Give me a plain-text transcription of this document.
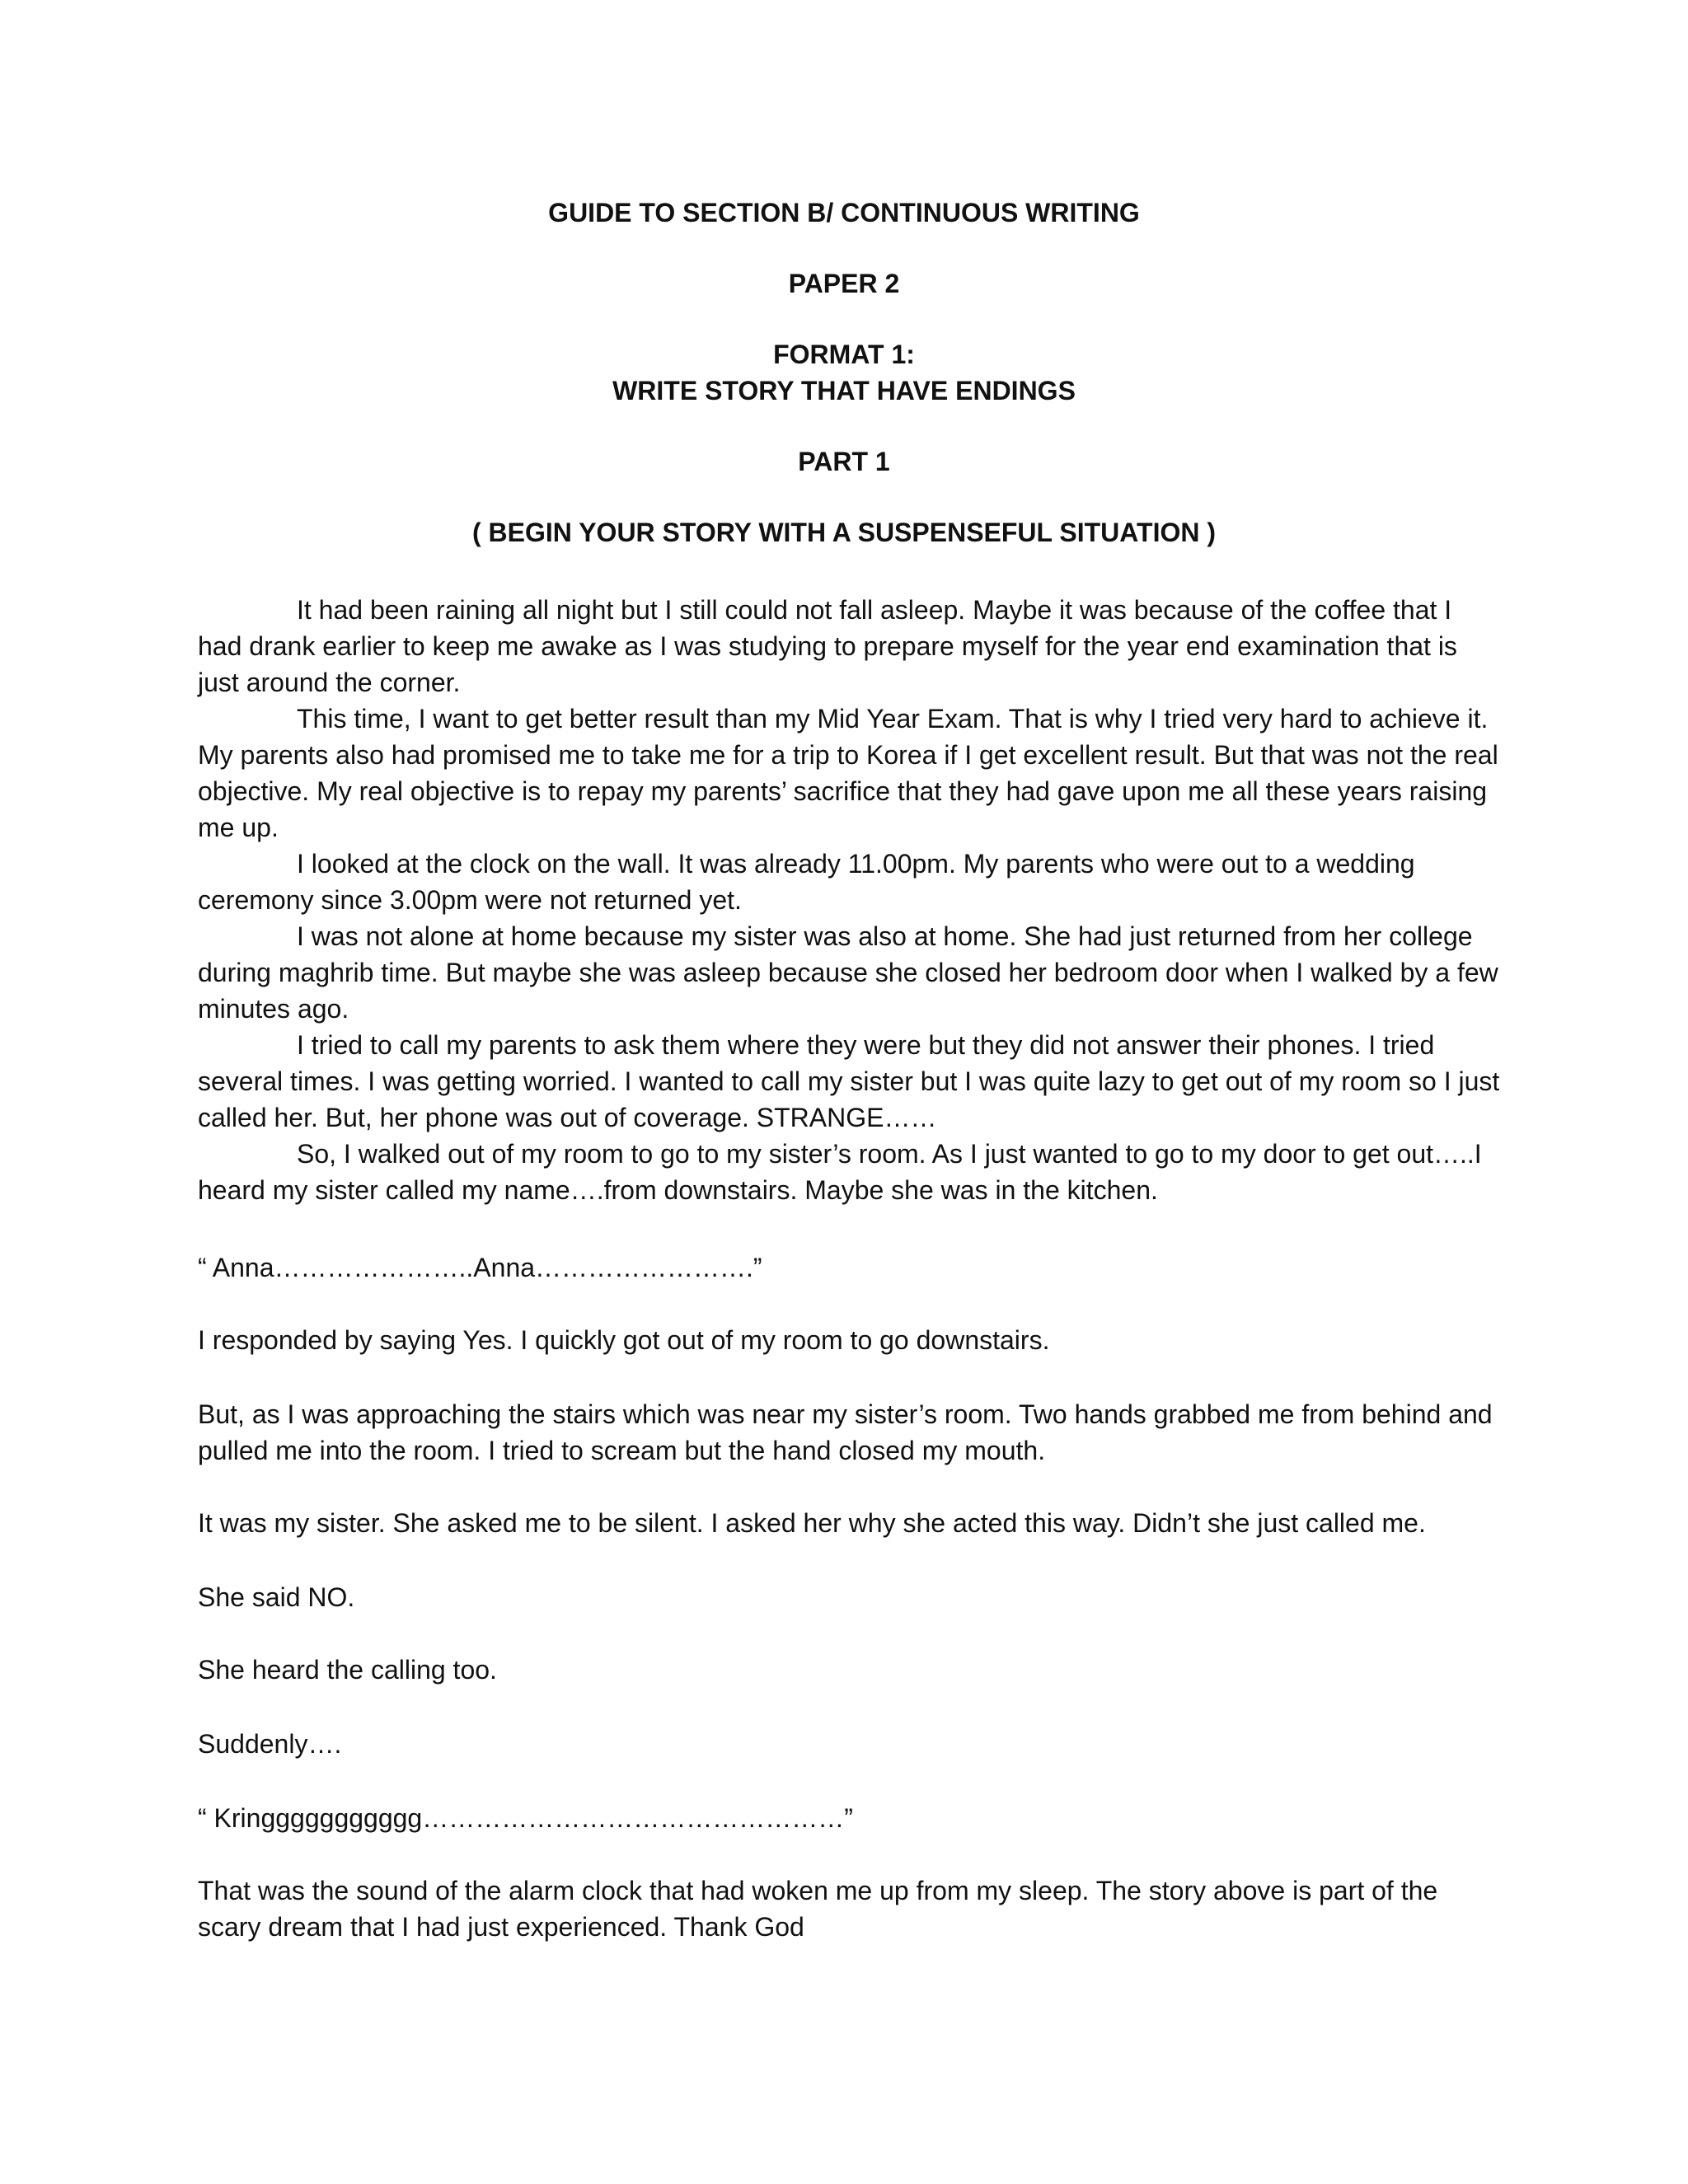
GUIDE TO SECTION B/ CONTINUOUS WRITING
PAPER 2
FORMAT 1:
WRITE STORY THAT HAVE ENDINGS
PART 1
( BEGIN YOUR STORY WITH A SUSPENSEFUL SITUATION )

It had been raining all night but I still could not fall asleep. Maybe it was because of the coffee that I had drank earlier to keep me awake as I was studying to prepare myself for the year end examination that is just around the corner.

This time, I want to get better result than my Mid Year Exam. That is why I tried very hard to achieve it. My parents also had promised me to take me for a trip to Korea if I get excellent result. But that was not the real objective. My real objective is to repay my parents’ sacrifice that they had gave upon me all these years raising me up.

I looked at the clock on the wall. It was already 11.00pm. My parents who were out to a wedding ceremony since 3.00pm were not returned yet.

I was not alone at home because my sister was also at home. She had just returned from her college during maghrib time. But maybe she was asleep because she closed her bedroom door when I walked by a few minutes ago.

I tried to call my parents to ask them where they were but they did not answer their phones. I tried several times. I was getting worried. I wanted to call my sister but I was quite lazy to get out of my room so I just called her. But, her phone was out of coverage. STRANGE……

So, I walked out of my room to go to my sister’s room. As I just wanted to go to my door to get out…..I heard my sister called my name….from downstairs. Maybe she was in the kitchen.

“ Anna…………………..Anna…………………….”

I responded by saying Yes. I quickly got out of my room to go downstairs.

But, as I was approaching the stairs which was near my sister’s room. Two hands grabbed me from behind and pulled me into the room. I tried to scream but the hand closed my mouth.

It was my sister. She asked me to be silent. I asked her why she acted this way. Didn’t she just called me.

She said NO.

She heard the calling too.

Suddenly….

“ Kringgggggggggg…………………………………………”

That was the sound of the alarm clock that had woken me up from my sleep. The story above is part of the scary dream that I had just experienced. Thank God
